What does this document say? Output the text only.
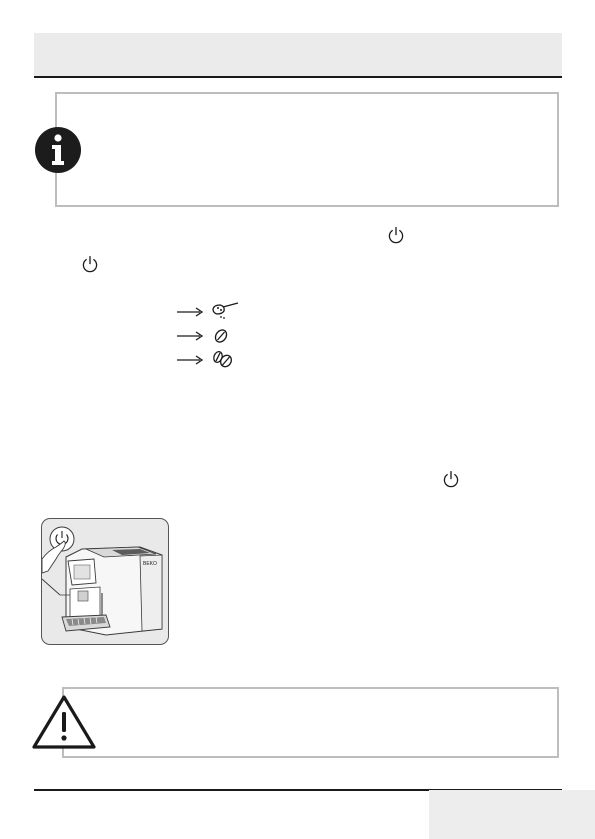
BEKO
